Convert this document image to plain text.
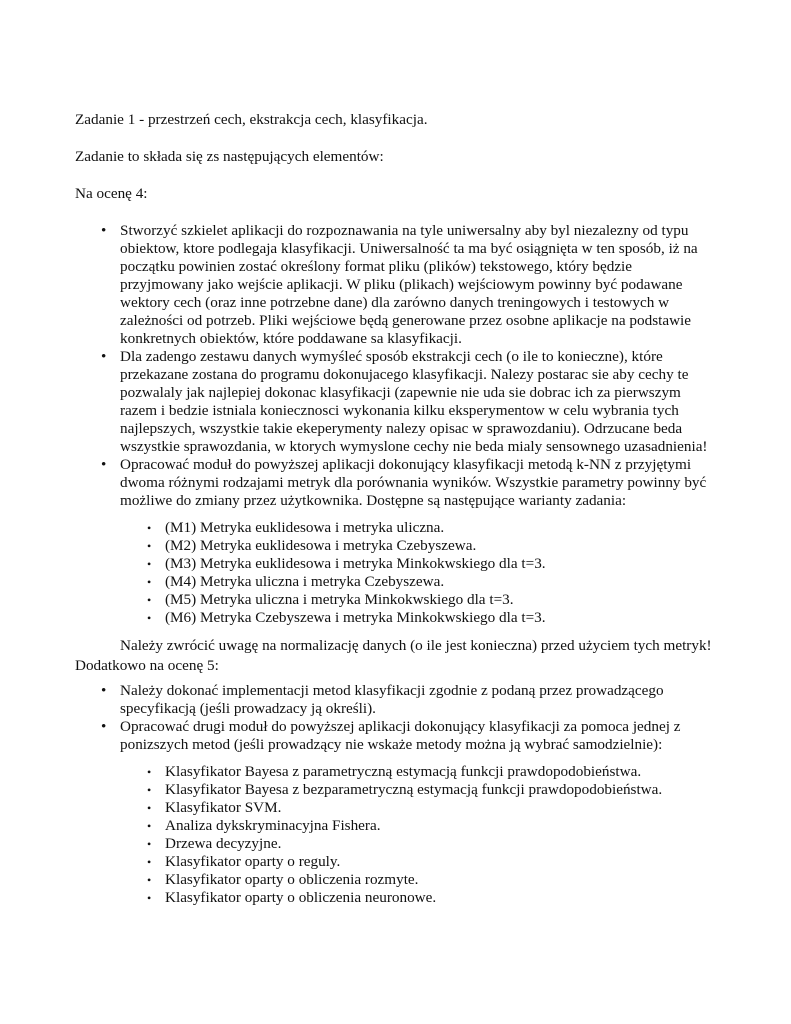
Zadanie 1 - przestrzeń cech, ekstrakcja cech, klasyfikacja.

Zadanie to składa się zs następujących elementów:

Na ocenę 4:

• Stworzyć szkielet aplikacji do rozpoznawania na tyle uniwersalny aby byl niezalezny od typu obiektow, ktore podlegaja klasyfikacji. Uniwersalność ta ma być osiągnięta w ten sposób, iż na początku powinien zostać określony format pliku (plików) tekstowego, który będzie przyjmowany jako wejście aplikacji. W pliku (plikach) wejściowym powinny być podawane wektory cech (oraz inne potrzebne dane) dla zarówno danych treningowych i testowych w zależności od potrzeb. Pliki wejściowe będą generowane przez osobne aplikacje na podstawie konkretnych obiektów, które poddawane sa klasyfikacji.
• Dla zadengo zestawu danych wymyśleć sposób ekstrakcji cech (o ile to konieczne), które przekazane zostana do programu dokonujacego klasyfikacji. Nalezy postarac sie aby cechy te pozwalaly jak najlepiej dokonac klasyfikacji (zapewnie nie uda sie dobrac ich za pierwszym razem i bedzie istniala koniecznosci wykonania kilku eksperymentow w celu wybrania tych najlepszych, wszystkie takie ekeperymenty nalezy opisac w sprawozdaniu). Odrzucane beda wszystkie sprawozdania, w ktorych wymyslone cechy nie beda mialy sensownego uzasadnienia!
• Opracować moduł do powyższej aplikacji dokonujący klasyfikacji metodą k-NN z przyjętymi dwoma różnymi rodzajami metryk dla porównania wyników. Wszystkie parametry powinny być możliwe do zmiany przez użytkownika. Dostępne są następujące warianty zadania:
• (M1) Metryka euklidesowa i metryka uliczna.
• (M2) Metryka euklidesowa i metryka Czebyszewa.
• (M3) Metryka euklidesowa i metryka Minkokwskiego dla t=3.
• (M4) Metryka uliczna i metryka Czebyszewa.
• (M5) Metryka uliczna i metryka Minkokwskiego dla t=3.
• (M6) Metryka Czebyszewa i metryka Minkokwskiego dla t=3.

Należy zwrócić uwagę na normalizację danych (o ile jest konieczna) przed użyciem tych metryk!

Dodatkowo na ocenę 5:

• Należy dokonać implementacji metod klasyfikacji zgodnie z podaną przez prowadzącego specyfikacją (jeśli prowadzacy ją określi).
• Opracować drugi moduł do powyższej aplikacji dokonujący klasyfikacji za pomoca jednej z ponizszych metod (jeśli prowadzący nie wskaże metody można ją wybrać samodzielnie):
• Klasyfikator Bayesa z parametryczną estymacją funkcji prawdopodobieństwa.
• Klasyfikator Bayesa z bezparametryczną estymacją funkcji prawdopodobieństwa.
• Klasyfikator SVM.
• Analiza dykskryminacyjna Fishera.
• Drzewa decyzyjne.
• Klasyfikator oparty o reguly.
• Klasyfikator oparty o obliczenia rozmyte.
• Klasyfikator oparty o obliczenia neuronowe.
